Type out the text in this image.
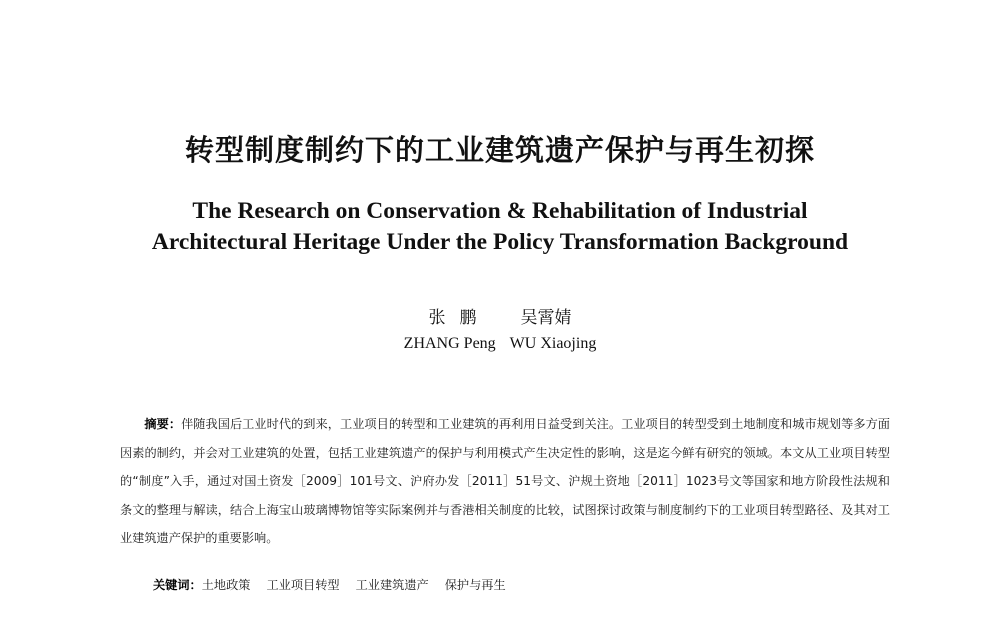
转型制度制约下的工业建筑遗产保护与再生初探
The Research on Conservation & Rehabilitation of Industrial
Architectural Heritage Under the Policy Transformation Background
张鹏 吴霄婧
ZHANG Peng WU Xiaojing
摘要：伴随我国后工业时代的到来，工业项目的转型和工业建筑的再利用日益受到关注。工业项目的转型受到土地制度和城市规划等多方面因素的制约，并会对工业建筑的处置，包括工业建筑遗产的保护与利用模式产生决定性的影响，这是迄今鲜有研究的领域。本文从工业项目转型的“制度”入手，通过对国土资发［2009］101号文、沪府办发［2011］51号文、沪规土资地［2011］1023号文等国家和地方阶段性法规和条文的整理与解读，结合上海宝山玻璃博物馆等实际案例并与香港相关制度的比较，试图探讨政策与制度制约下的工业项目转型路径、及其对工业建筑遗产保护的重要影响。
关键词：土地政策 工业项目转型 工业建筑遗产 保护与再生
